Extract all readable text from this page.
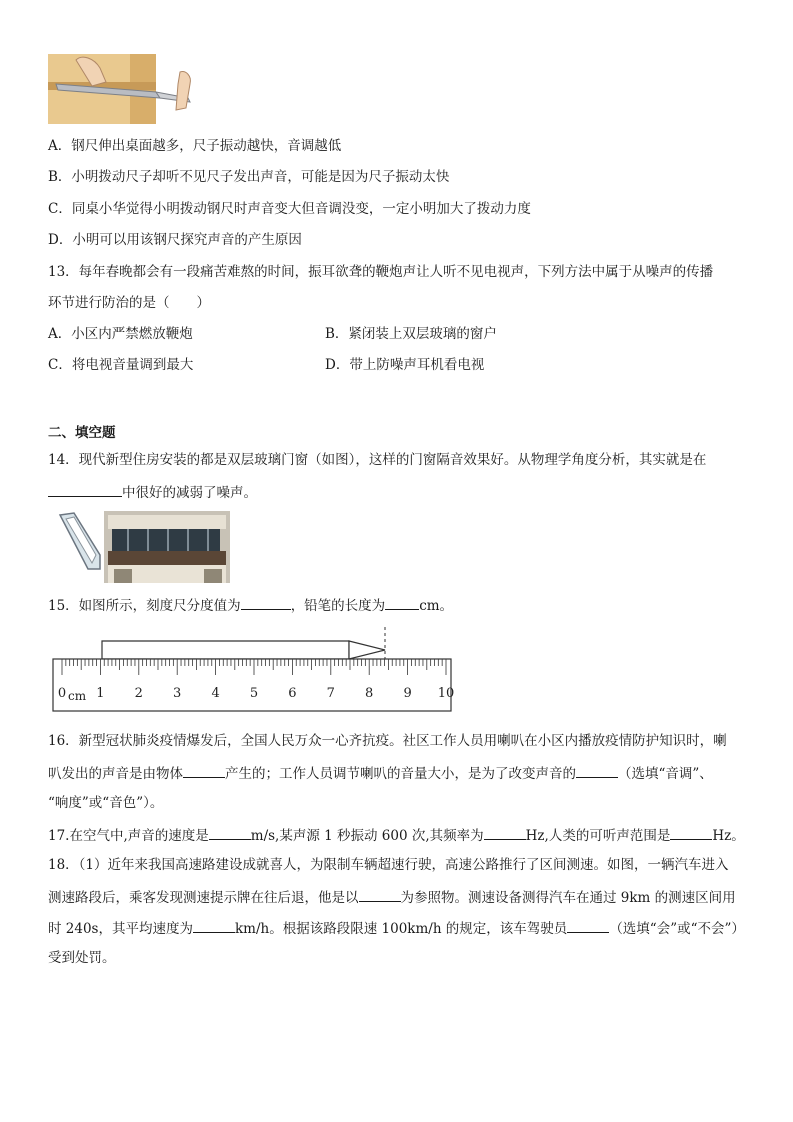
A．钢尺伸出桌面越多，尺子振动越快，音调越低
B．小明拨动尺子却听不见尺子发出声音，可能是因为尺子振动太快
C．同桌小华觉得小明拨动钢尺时声音变大但音调没变，一定小明加大了拨动力度
D．小明可以用该钢尺探究声音的产生原因
13．每年春晚都会有一段痛苦难熬的时间，振耳欲聋的鞭炮声让人听不见电视声，下列方法中属于从噪声的传播
环节进行防治的是（　　）
A．小区内严禁燃放鞭炮	B．紧闭装上双层玻璃的窗户
C．将电视音量调到最大	D．带上防噪声耳机看电视
二、填空题
14．现代新型住房安装的都是双层玻璃门窗（如图），这样的门窗隔音效果好。从物理学角度分析，其实就是在
中很好的减弱了噪声。
15．如图所示，刻度尺分度值为	，铅笔的长度为	cm。
0 1 2 3 4 5 6 7 8 9 10
cm
16．新型冠状肺炎疫情爆发后，全国人民万众一心齐抗疫。社区工作人员用喇叭在小区内播放疫情防护知识时，喇
叭发出的声音是由物体	产生的；工作人员调节喇叭的音量大小，是为了改变声音的	（选填“音调”、
“响度”或“音色”）。
17.在空气中,声音的速度是	m/s,某声源 1 秒振动 600 次,其频率为	Hz,人类的可听声范围是	Hz。
18．（1）近年来我国高速路建设成就喜人，为限制车辆超速行驶，高速公路推行了区间测速。如图，一辆汽车进入
测速路段后，乘客发现测速提示牌在往后退，他是以	为参照物。测速设备测得汽车在通过 9km 的测速区间用
时 240s，其平均速度为	km/h。根据该路段限速 100km/h 的规定，该车驾驶员	（选填“会”或“不会”）
受到处罚。
